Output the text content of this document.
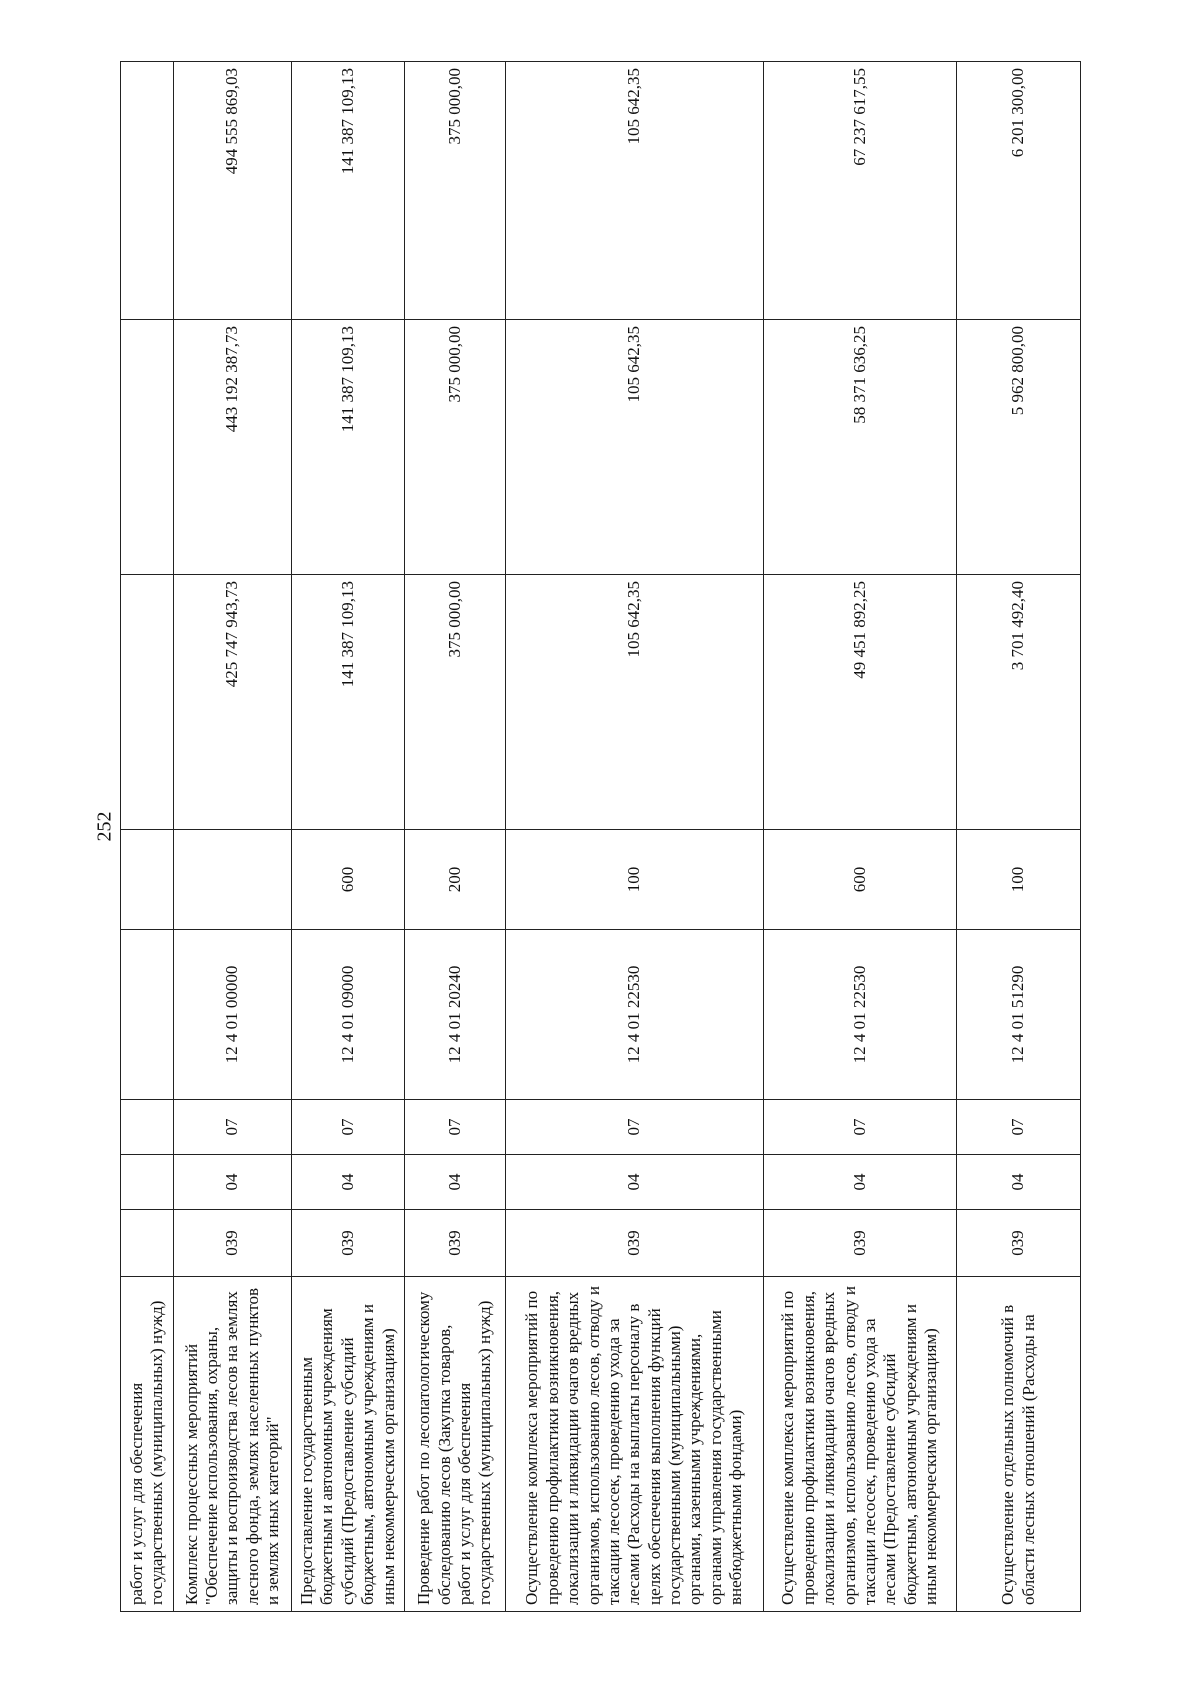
252
работ и услуг для обеспечения государственных (муниципальных) нужд)								
Комплекс процессных мероприятий "Обеспечение использования, охраны, защиты и воспроизводства лесов на землях лесного фонда, землях населенных пунктов и землях иных категорий"	039	04	07	12 4 01 00000		425 747 943,73	443 192 387,73	494 555 869,03
Предоставление государственным бюджетным и автономным учреждениям субсидий (Предоставление субсидий бюджетным, автономным учреждениям и иным некоммерческим организациям)	039	04	07	12 4 01 09000	600	141 387 109,13	141 387 109,13	141 387 109,13
Проведение работ по лесопатологическому обследованию лесов (Закупка товаров, работ и услуг для обеспечения государственных (муниципальных) нужд)	039	04	07	12 4 01 20240	200	375 000,00	375 000,00	375 000,00
Осуществление комплекса мероприятий по проведению профилактики возникновения, локализации и ликвидации очагов вредных организмов, использованию лесов, отводу и таксации лесосек, проведению ухода за лесами (Расходы на выплаты персоналу в целях обеспечения выполнения функций государственными (муниципальными) органами, казенными учреждениями, органами управления государственными внебюджетными фондами)	039	04	07	12 4 01 22530	100	105 642,35	105 642,35	105 642,35
Осуществление комплекса мероприятий по проведению профилактики возникновения, локализации и ликвидации очагов вредных организмов, использованию лесов, отводу и таксации лесосек, проведению ухода за лесами (Предоставление субсидий бюджетным, автономным учреждениям и иным некоммерческим организациям)	039	04	07	12 4 01 22530	600	49 451 892,25	58 371 636,25	67 237 617,55
Осуществление отдельных полномочий в области лесных отношений (Расходы на	039	04	07	12 4 01 51290	100	3 701 492,40	5 962 800,00	6 201 300,00
